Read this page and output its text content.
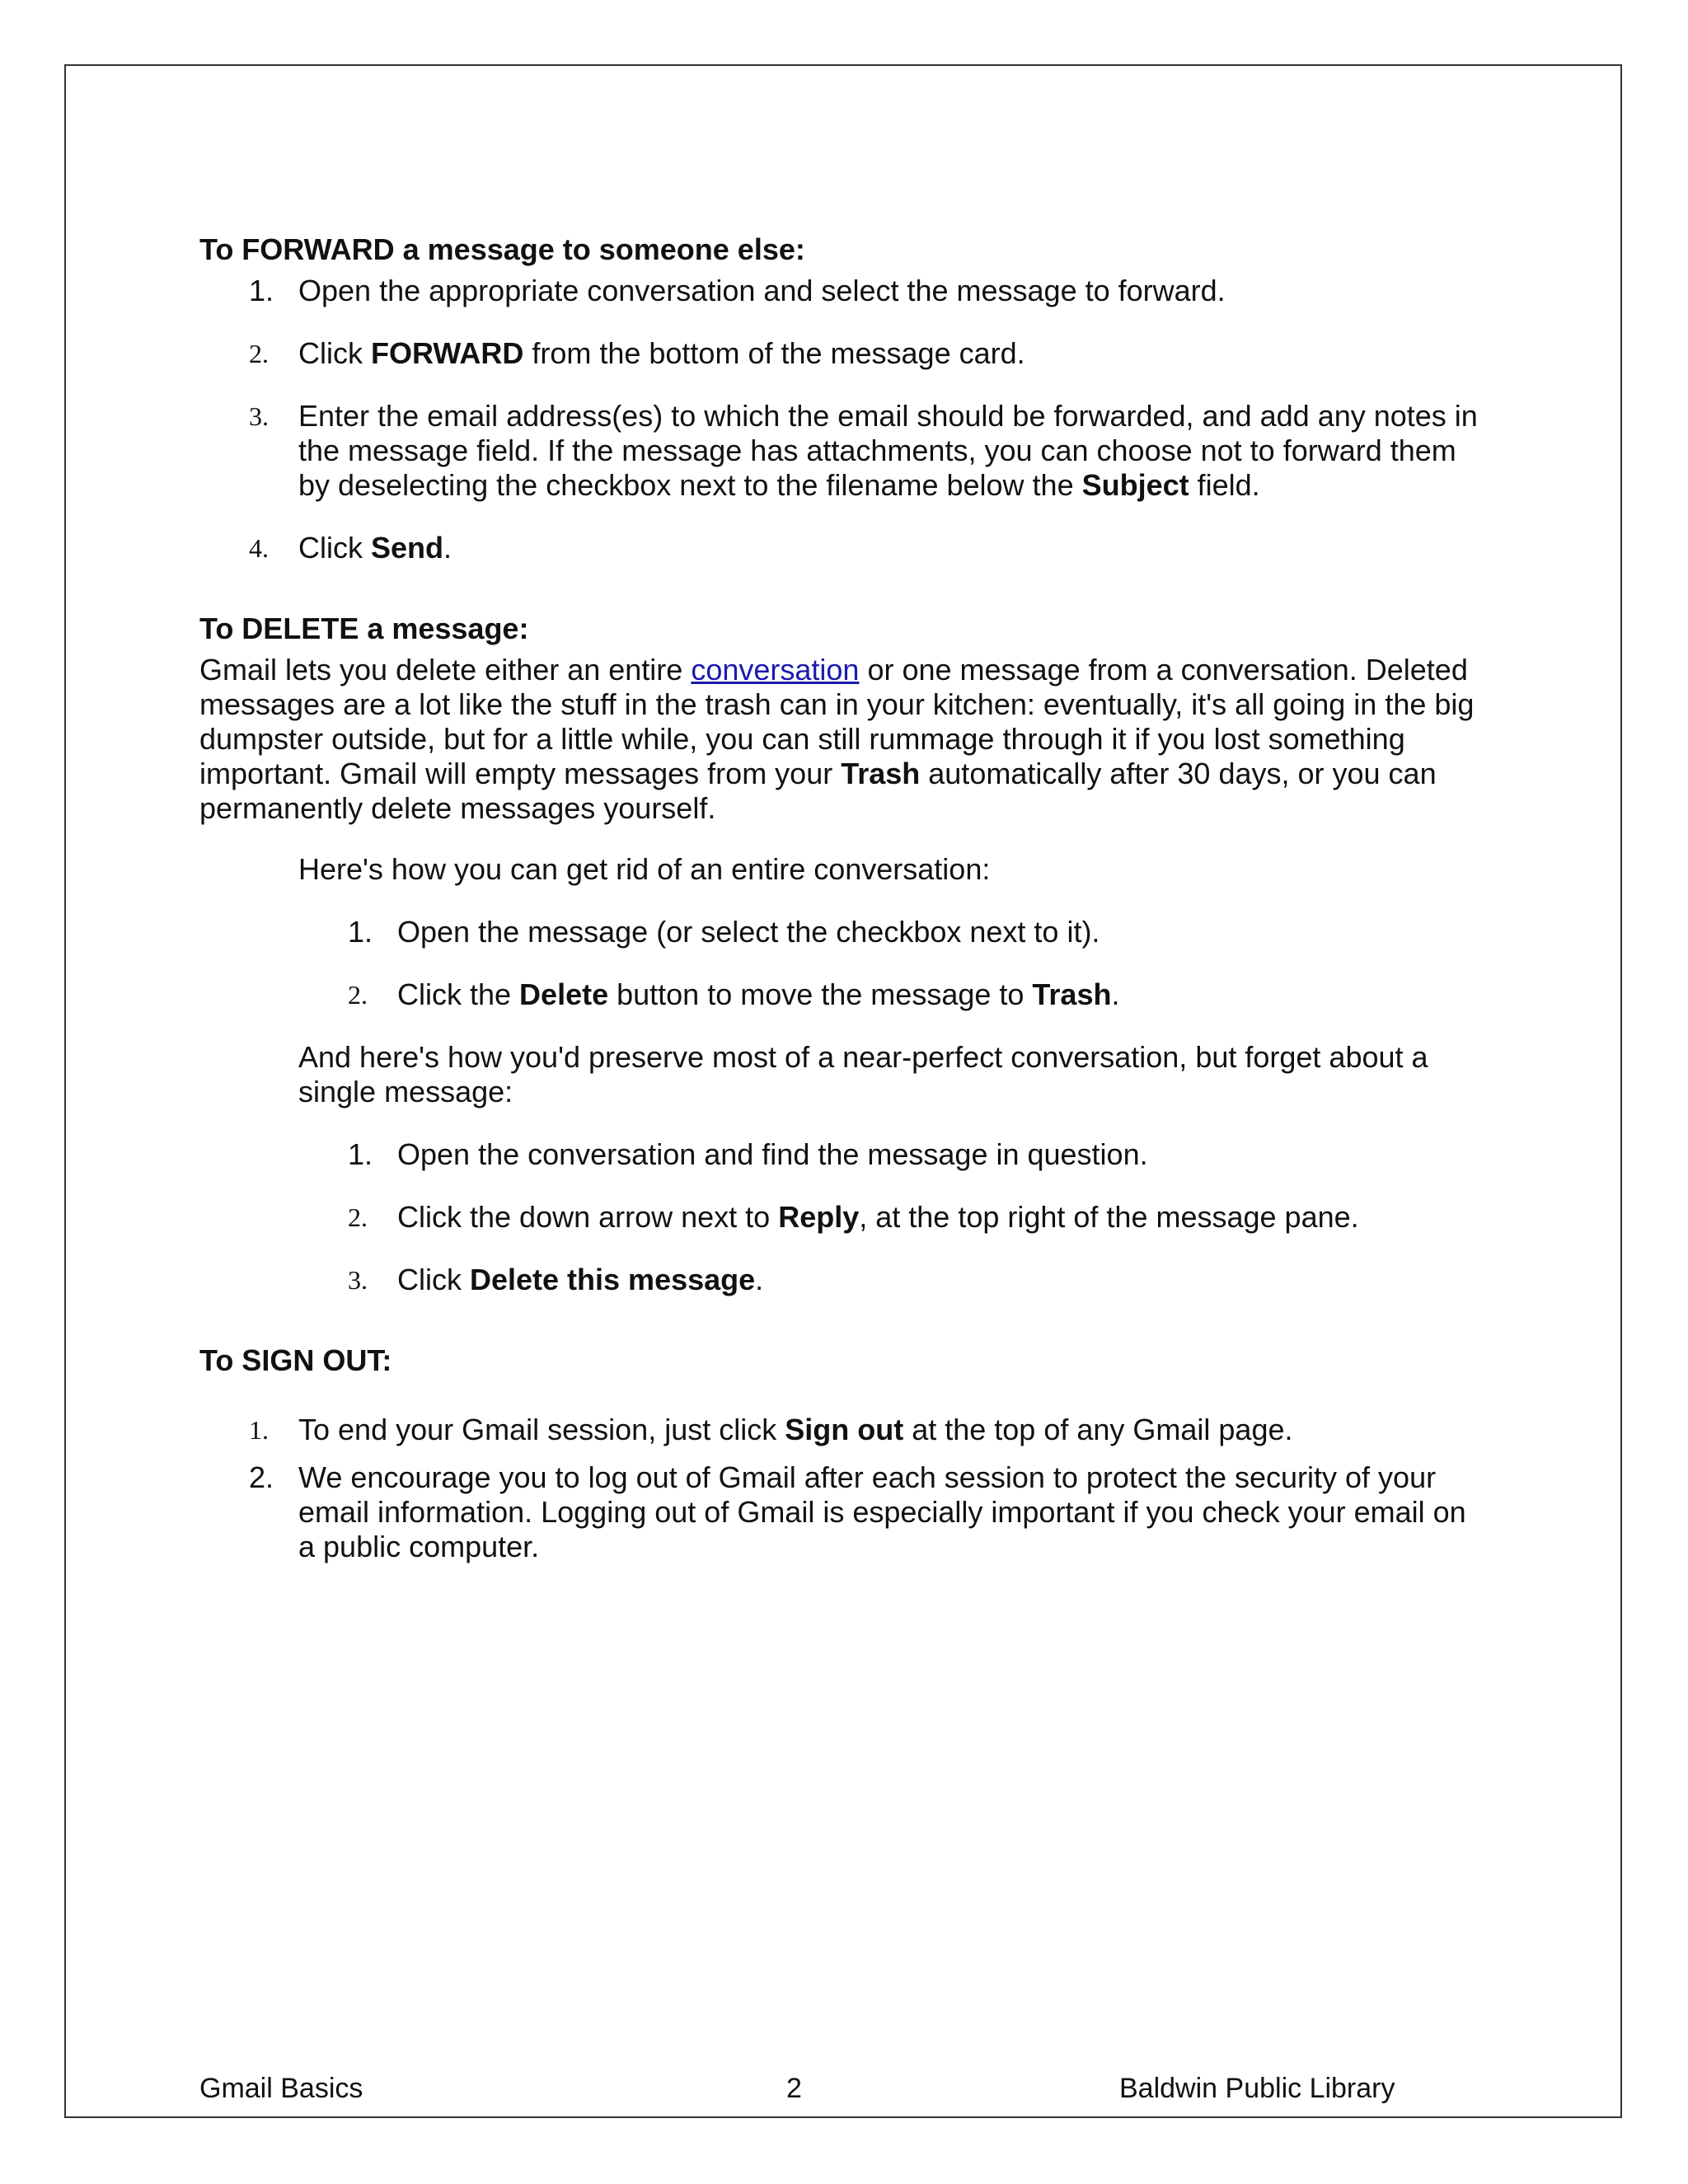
To FORWARD a message to someone else:
1. Open the appropriate conversation and select the message to forward.
2.	Click FORWARD from the bottom of the message card.
3.	Enter the email address(es) to which the email should be forwarded, and add any notes in the message field. If the message has attachments, you can choose not to forward them by deselecting the checkbox next to the filename below the Subject field.
4.	Click Send.
To DELETE a message:

Gmail lets you delete either an entire conversation or one message from a conversation. Deleted messages are a lot like the stuff in the trash can in your kitchen: eventually, it's all going in the big dumpster outside, but for a little while, you can still rummage through it if you lost something important. Gmail will empty messages from your Trash automatically after 30 days, or you can permanently delete messages yourself.

Here's how you can get rid of an entire conversation:

1. Open the message (or select the checkbox next to it).
2.	Click the Delete button to move the message to Trash.

And here's how you'd preserve most of a near-perfect conversation, but forget about a single message:

1. Open the conversation and find the message in question.
2.	Click the down arrow next to Reply, at the top right of the message pane.
3.	Click Delete this message.
To SIGN OUT:
1.	To end your Gmail session, just click Sign out at the top of any Gmail page.
2. We encourage you to log out of Gmail after each session to protect the security of your email information. Logging out of Gmail is especially important if you check your email on a public computer.
Gmail Basics	2	Baldwin Public Library
